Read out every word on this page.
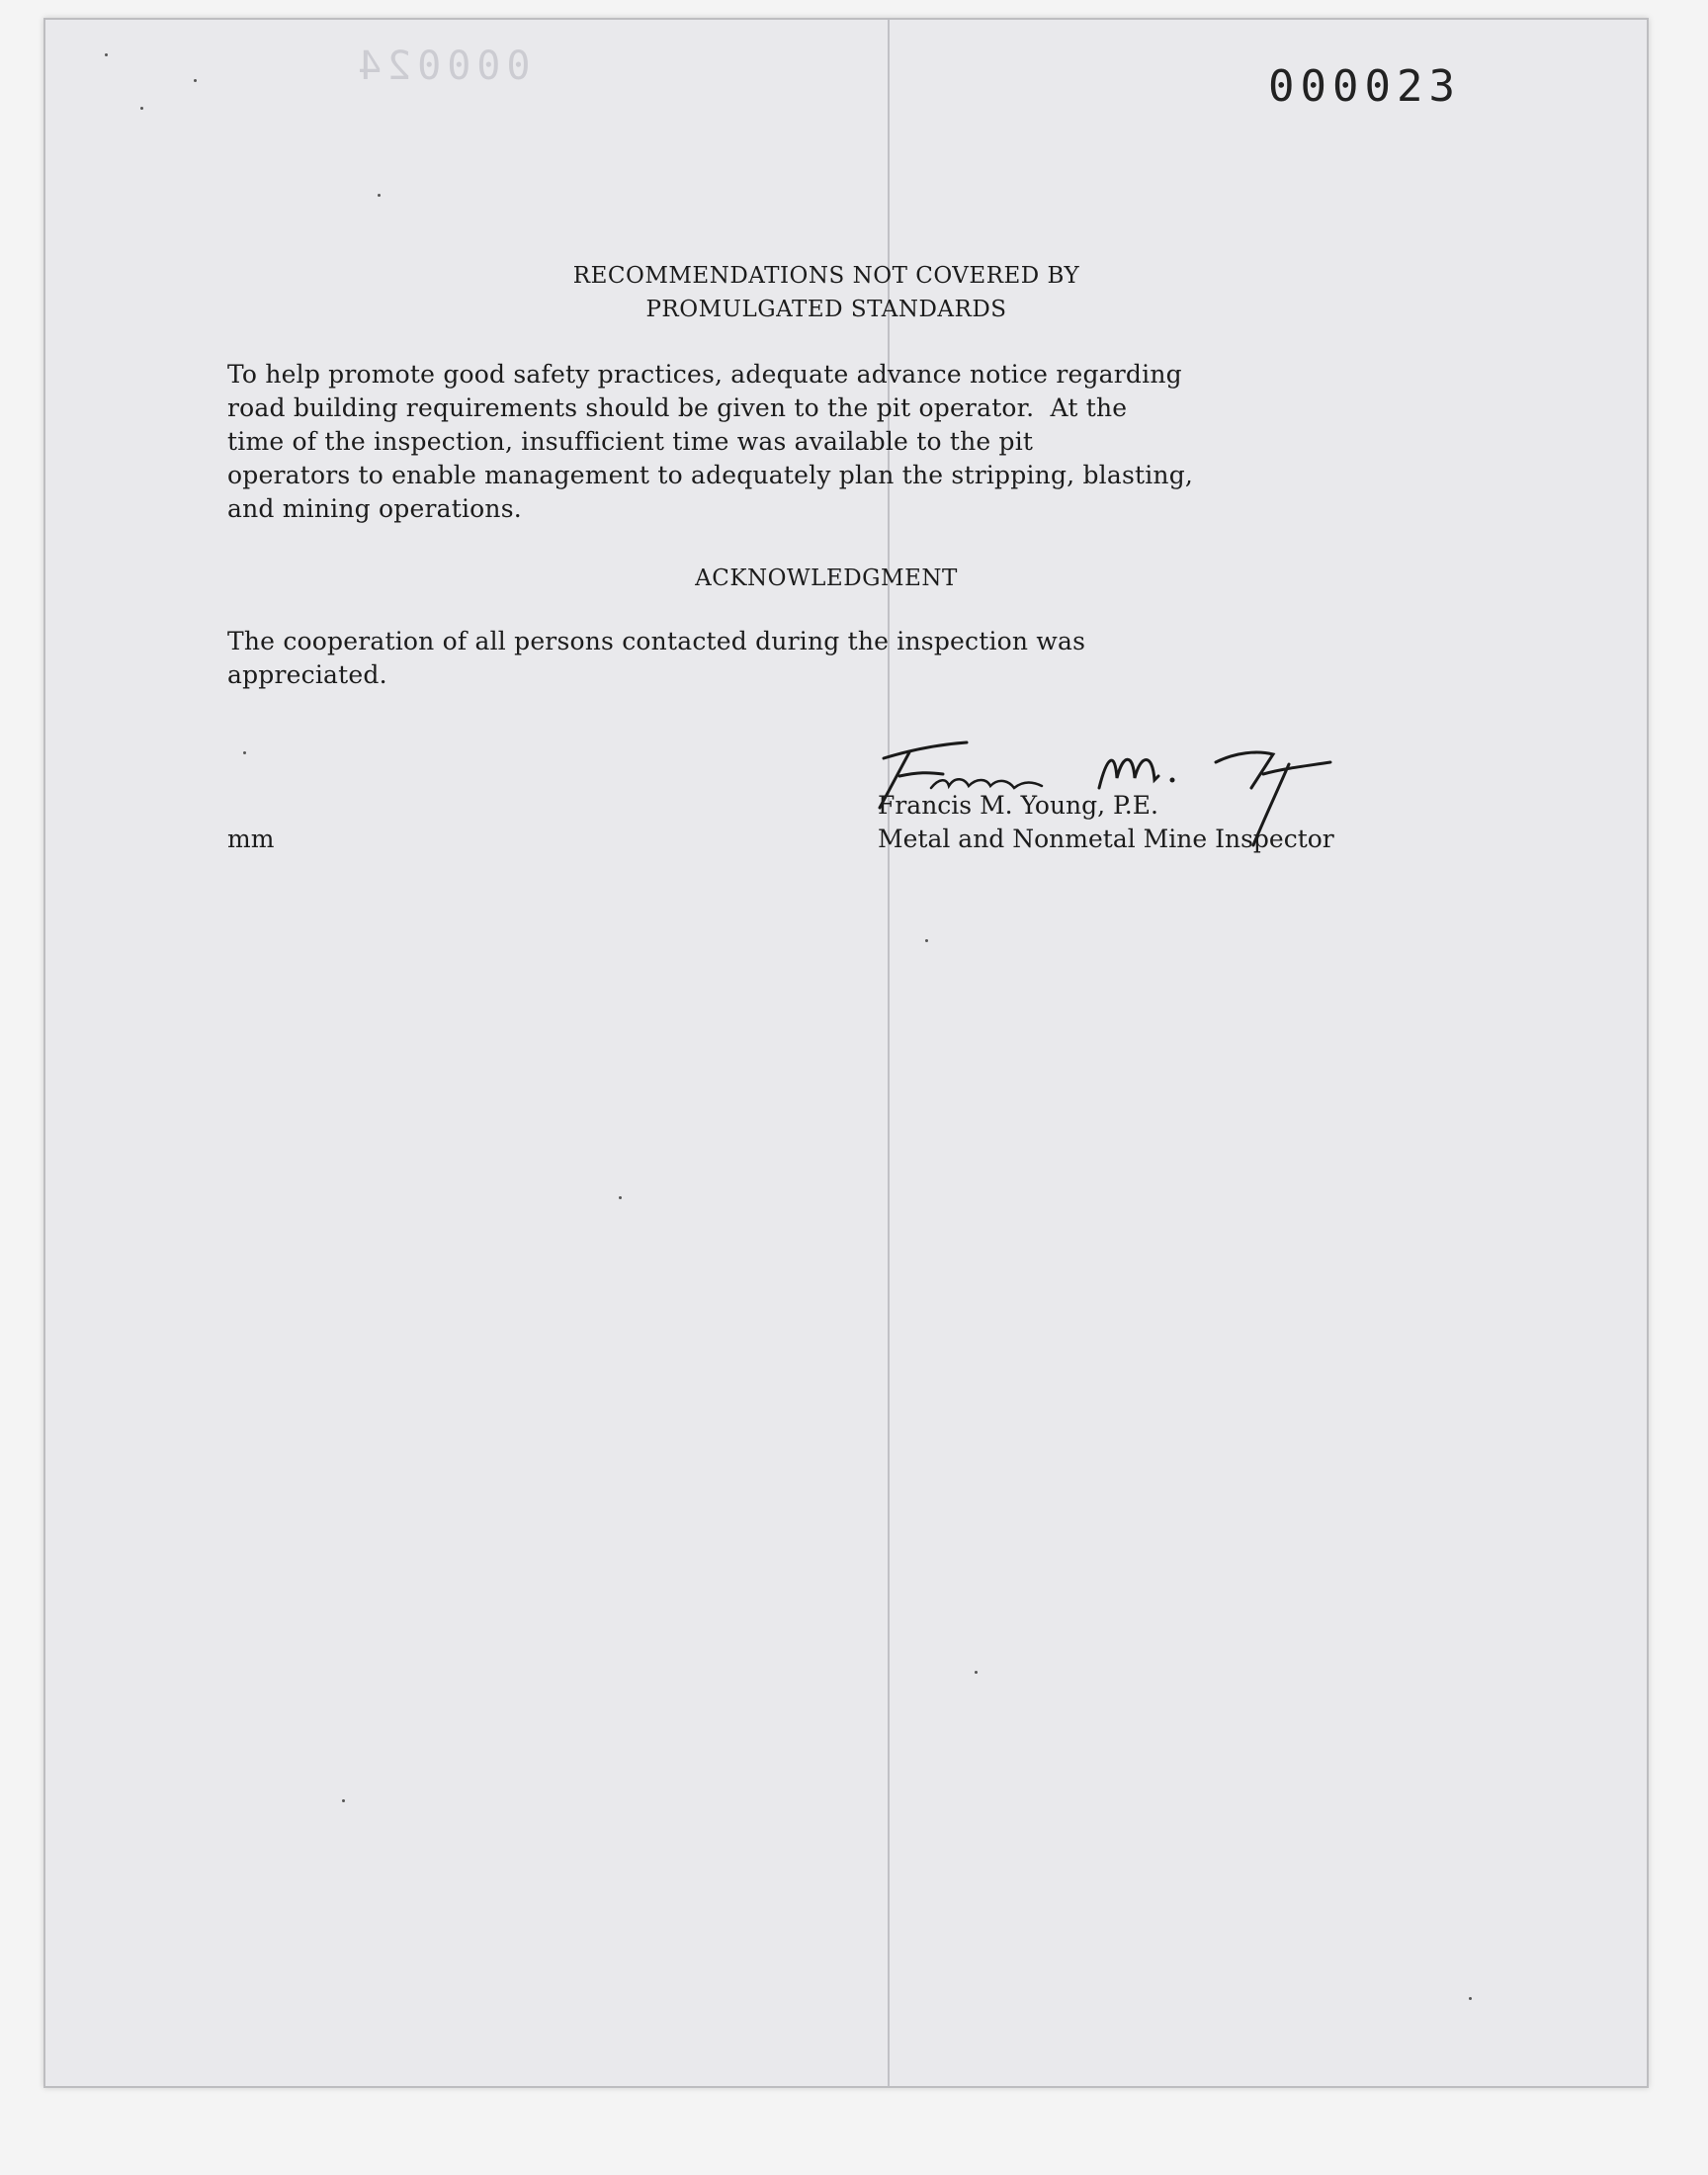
000024	000023
RECOMMENDATIONS NOT COVERED BY
PROMULGATED STANDARDS
To help promote good safety practices, adequate advance notice regarding
road building requirements should be given to the pit operator.  At the
time of the inspection, insufficient time was available to the pit
operators to enable management to adequately plan the stripping, blasting,
and mining operations.
ACKNOWLEDGMENT
The cooperation of all persons contacted during the inspection was
appreciated.
Francis M. Young
Francis M. Young, P.E.
Metal and Nonmetal Mine Inspector
mm
